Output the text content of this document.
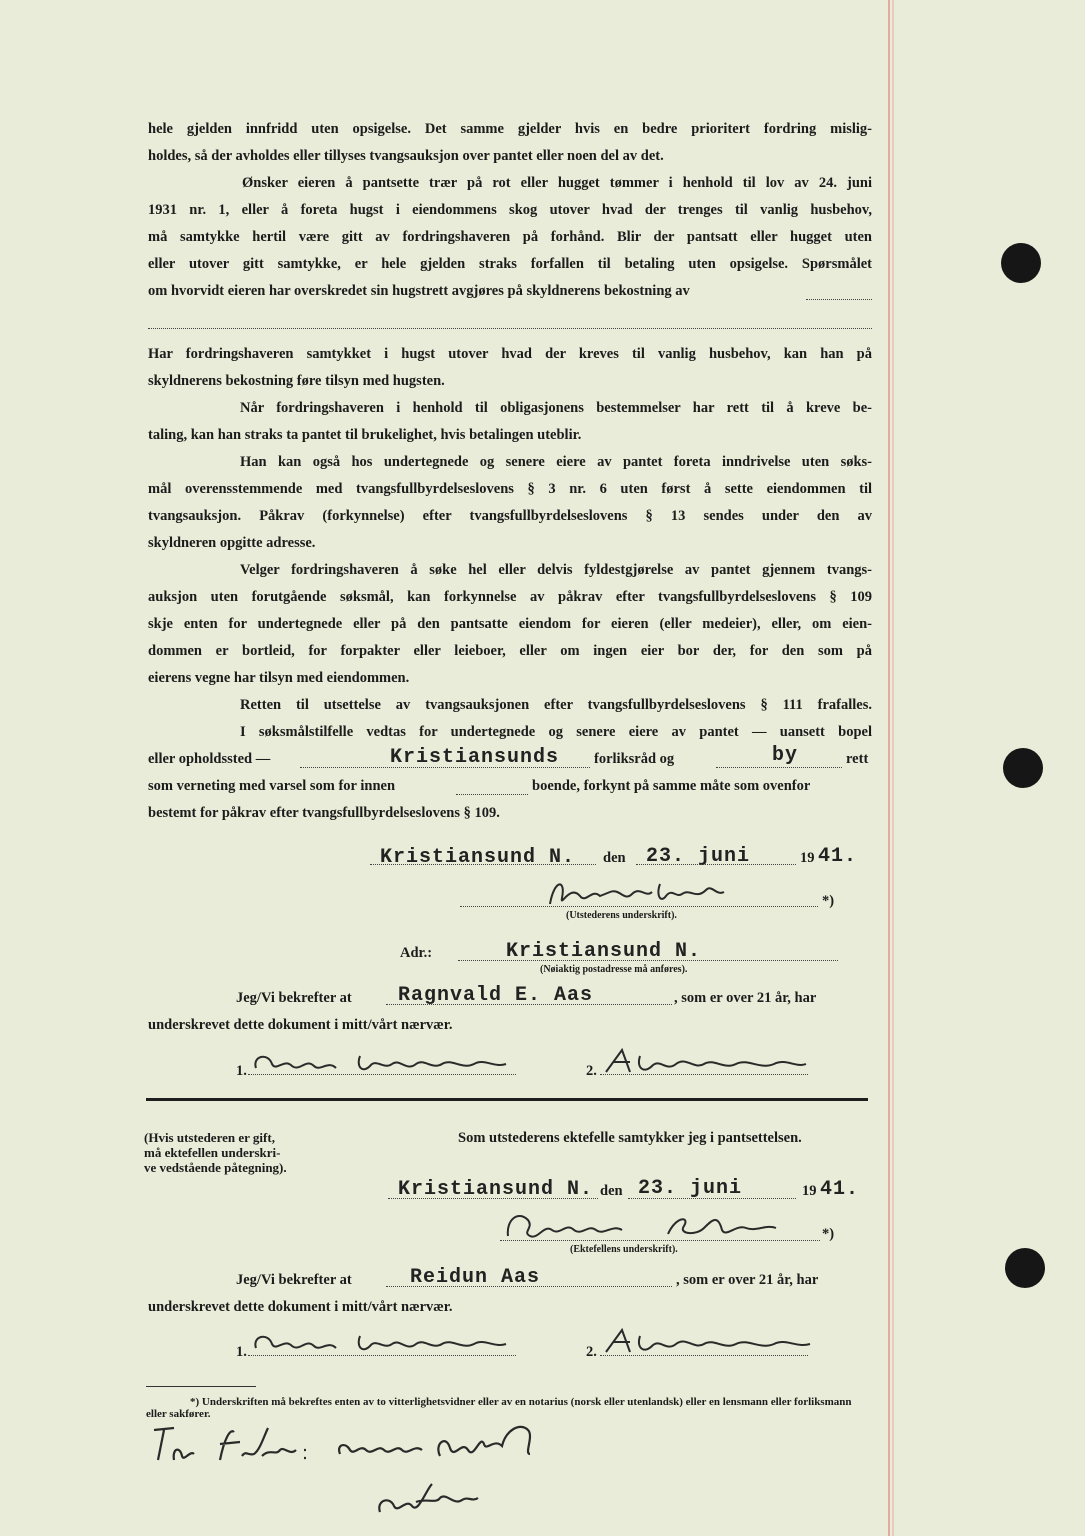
hele gjelden innfridd uten opsigelse. Det samme gjelder hvis en bedre prioritert fordring mislig-
holdes, så der avholdes eller tillyses tvangsauksjon over pantet eller noen del av det.
Ønsker eieren å pantsette trær på rot eller hugget tømmer i henhold til lov av 24. juni
1931 nr. 1, eller å foreta hugst i eiendommens skog utover hvad der trenges til vanlig husbehov,
må samtykke hertil være gitt av fordringshaveren på forhånd. Blir der pantsatt eller hugget uten
eller utover gitt samtykke, er hele gjelden straks forfallen til betaling uten opsigelse. Spørsmålet
om hvorvidt eieren har overskredet sin hugstrett avgjøres på skyldnerens bekostning av
Har fordringshaveren samtykket i hugst utover hvad der kreves til vanlig husbehov, kan han på
skyldnerens bekostning føre tilsyn med hugsten.
Når fordringshaveren i henhold til obligasjonens bestemmelser har rett til å kreve be-
taling, kan han straks ta pantet til brukelighet, hvis betalingen uteblir.
Han kan også hos undertegnede og senere eiere av pantet foreta inndrivelse uten søks-
mål overensstemmende med tvangsfullbyrdelseslovens § 3 nr. 6 uten først å sette eiendommen til
tvangsauksjon. Påkrav (forkynnelse) efter tvangsfullbyrdelseslovens § 13 sendes under den av
skyldneren opgitte adresse.
Velger fordringshaveren å søke hel eller delvis fyldestgjørelse av pantet gjennem tvangs-
auksjon uten forutgående søksmål, kan forkynnelse av påkrav efter tvangsfullbyrdelseslovens § 109
skje enten for undertegnede eller på den pantsatte eiendom for eieren (eller medeier), eller, om eien-
dommen er bortleid, for forpakter eller leieboer, eller om ingen eier bor der, for den som på
eierens vegne har tilsyn med eiendommen.
Retten til utsettelse av tvangsauksjonen efter tvangsfullbyrdelseslovens § 111 frafalles.
I søksmålstilfelle vedtas for undertegnede og senere eiere av pantet — uansett bopel
eller opholdssted —	Kristiansunds forliksråd og	by	rett
som verneting med varsel som for innen	boende, forkynt på samme måte som ovenfor
bestemt for påkrav efter tvangsfullbyrdelseslovens § 109.
Kristiansund N. den 23. juni	19 41.
*)
(Utstederens underskrift).
Adr.:	Kristiansund N.
(Nøiaktig postadresse må anføres).
Jeg/Vi bekrefter at Ragnvald E. Aas	, som er over 21 år, har
underskrevet dette dokument i mitt/vårt nærvær.
1.	2.
(Hvis utstederen er gift,
må ektefellen underskri-
ve vedstående påtegning).
Som utstederens ektefelle samtykker jeg i pantsettelsen.
Kristiansund N. den 23. juni	19 41.
*)
(Ektefellens underskrift).
Jeg/Vi bekrefter at	Reidun Aas	, som er over 21 år, har
underskrevet dette dokument i mitt/vårt nærvær.
1.	2.
*) Underskriften må bekreftes enten av to vitterlighetsvidner eller av en notarius (norsk eller utenlandsk) eller en lensmann eller forliksmann eller sakfører.
